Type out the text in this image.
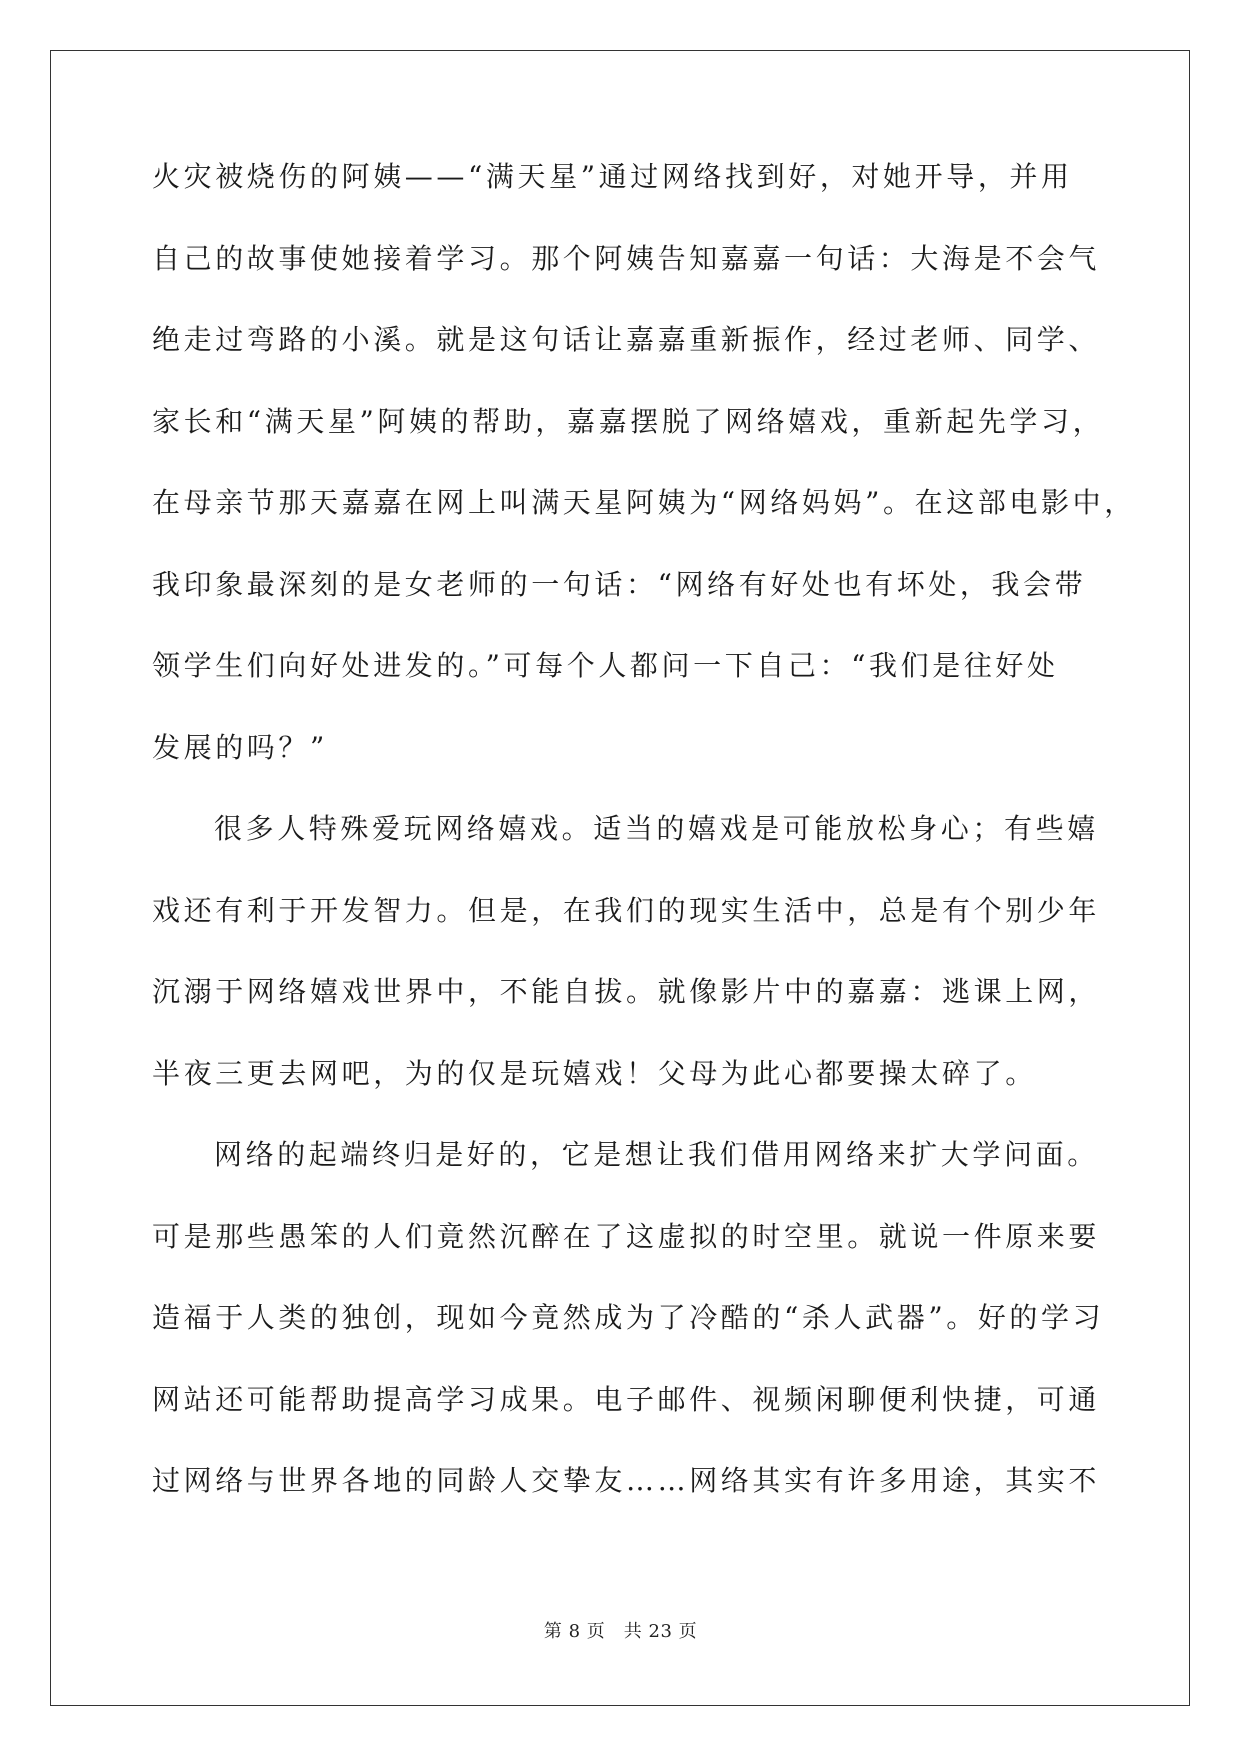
火灾被烧伤的阿姨——“满天星”通过网络找到好，对她开导，并用
自己的故事使她接着学习。那个阿姨告知嘉嘉一句话：大海是不会气
绝走过弯路的小溪。就是这句话让嘉嘉重新振作，经过老师、同学、
家长和“满天星”阿姨的帮助，嘉嘉摆脱了网络嬉戏，重新起先学习，
在母亲节那天嘉嘉在网上叫满天星阿姨为“网络妈妈”。在这部电影中，
我印象最深刻的是女老师的一句话：“网络有好处也有坏处，我会带
领学生们向好处进发的。”可每个人都问一下自己：“我们是往好处
发展的吗？”
很多人特殊爱玩网络嬉戏。适当的嬉戏是可能放松身心；有些嬉
戏还有利于开发智力。但是，在我们的现实生活中，总是有个别少年
沉溺于网络嬉戏世界中，不能自拔。就像影片中的嘉嘉：逃课上网，
半夜三更去网吧，为的仅是玩嬉戏！父母为此心都要操太碎了。
网络的起端终归是好的，它是想让我们借用网络来扩大学问面。
可是那些愚笨的人们竟然沉醉在了这虚拟的时空里。就说一件原来要
造福于人类的独创，现如今竟然成为了冷酷的“杀人武器”。好的学习
网站还可能帮助提高学习成果。电子邮件、视频闲聊便利快捷，可通
过网络与世界各地的同龄人交挚友……网络其实有许多用途，其实不
第 8 页　共 23 页
